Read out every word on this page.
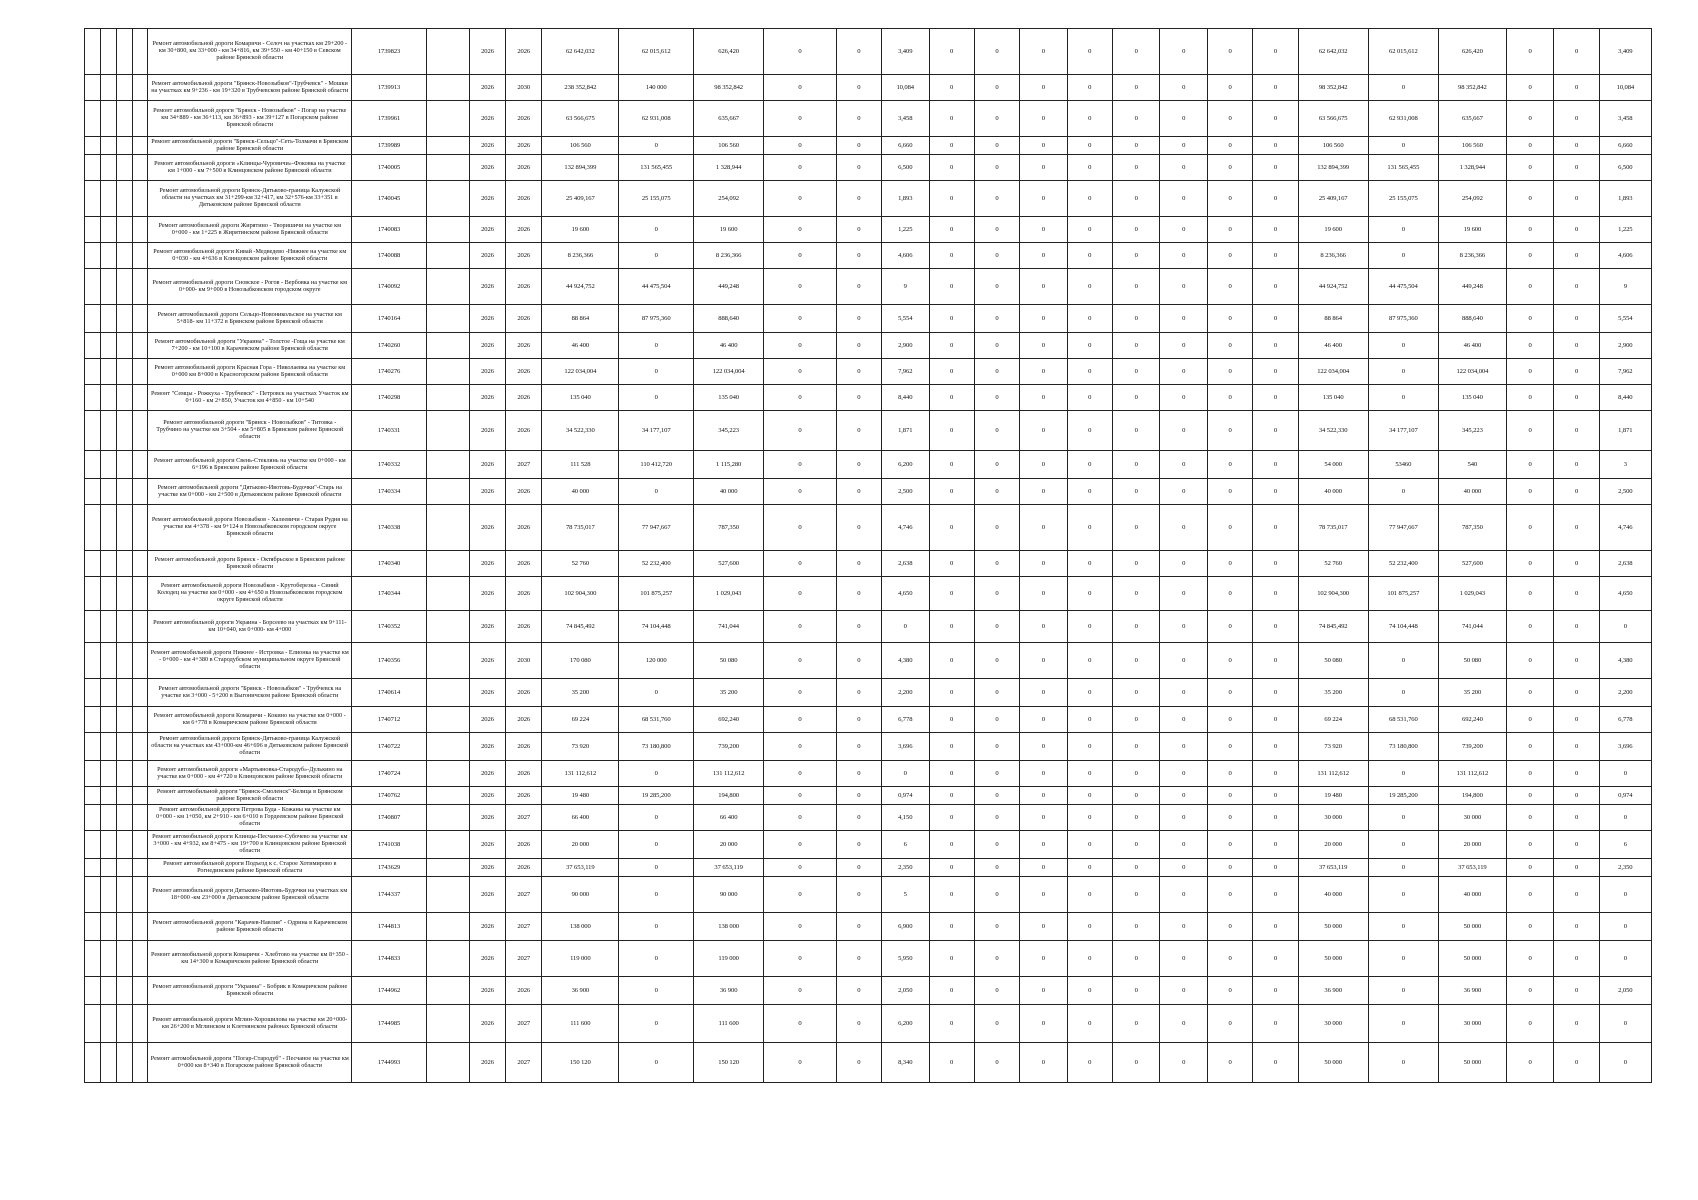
				Ремонт автомобильной дороги Комаричи - Селоч на участках км 29+200 - км 30+800, км 33+000 - км 34+816, км 39+550 - км 40+150 в Севском районе Брянской области	1739823		2026	2026	62 642,032	62 015,612	626,420	0	0	3,409	0	0	0	0	0	0	0	0	62 642,032	62 015,612	626,420	0	0	3,409
				Ремонт автомобильной дороги "Брянск-Новозыбков"-Трубчевск" - Мошки на участках км 9+236 - км 19+320 в Трубчевском районе Брянской области	1739913		2026	2030	238 352,842	140 000	98 352,842	0	0	10,084	0	0	0	0	0	0	0	0	98 352,842	0	98 352,842	0	0	10,084
				Ремонт автомобильной дороги "Брянск - Новозыбков" - Погар на участке км 34+889 - км 36+113, км 36+893 - км 39+127 в Погарском районе Брянской области	1739961		2026	2026	63 566,675	62 931,008	635,667	0	0	3,458	0	0	0	0	0	0	0	0	63 566,675	62 931,008	635,667	0	0	3,458
				Ремонт автомобильной дороги "Брянск-Сельцо"-Сеть-Толмачи в Брянском районе Брянской области	1739989		2026	2026	106 560	0	106 560	0	0	6,660	0	0	0	0	0	0	0	0	106 560	0	106 560	0	0	6,660
				Ремонт автомобильной дороги «Клинцы-Чуровичи»-Фоковка на участке км 1+000 - км 7+500 в Клинцовском районе Брянской области	1740005		2026	2026	132 894,399	131 565,455	1 328,944	0	0	6,500	0	0	0	0	0	0	0	0	132 894,399	131 565,455	1 328,944	0	0	6,500
				Ремонт автомобильной дороги Брянск-Дятьково-граница Калужской области на участках км 31+299-км 32+417, км 32+576-км 33+351 в Дятьковском районе Брянской области	1740045		2026	2026	25 409,167	25 155,075	254,092	0	0	1,893	0	0	0	0	0	0	0	0	25 409,167	25 155,075	254,092	0	0	1,893
				Ремонт автомобильной дороги Жирятино - Творишичи на участке км 0+000 - км 1+225 в Жирятинском районе Брянской области	1740083		2026	2026	19 600	0	19 600	0	0	1,225	0	0	0	0	0	0	0	0	19 600	0	19 600	0	0	1,225
				Ремонт автомобильной дороги Кивай -Медведево -Нижнее на участке км 0+030 - км 4+636 в Клинцовском районе Брянской области	1740088		2026	2026	8 236,366	0	8 236,366	0	0	4,606	0	0	0	0	0	0	0	0	8 236,366	0	8 236,366	0	0	4,606
				Ремонт автомобильной дороги Сновское - Рогов - Вербовка на участке км 0+000- км 9+000 в Новозыбковском городском округе	1740092		2026	2026	44 924,752	44 475,504	449,248	0	0	9	0	0	0	0	0	0	0	0	44 924,752	44 475,504	449,248	0	0	9
				Ремонт автомобильной дороги Сельцо-Новоникольское на участке км 5+818- км 11+372 в Брянском районе Брянской области	1740164		2026	2026	88 864	87 975,360	888,640	0	0	5,554	0	0	0	0	0	0	0	0	88 864	87 975,360	888,640	0	0	5,554
				Ремонт автомобильной дороги "Украина" - Толстое -Гоща на участке км 7+200 - км 10+100 в Карачевском районе Брянской области	1740260		2026	2026	46 400	0	46 400	0	0	2,900	0	0	0	0	0	0	0	0	46 400	0	46 400	0	0	2,900
				Ремонт автомобильной дороги Красная Гора - Николаевка на участке км 0+000 км 8+000 в Красногорском районе Брянской области	1740276		2026	2026	122 034,004	0	122 034,004	0	0	7,962	0	0	0	0	0	0	0	0	122 034,004	0	122 034,004	0	0	7,962
				Ремонт "Семцы - Рожкуха - Трубчевск" - Петровск на участках Участок км 0+160 - км 2+850, Участок км 4+850 - км 10+540	1740298		2026	2026	135 040	0	135 040	0	0	8,440	0	0	0	0	0	0	0	0	135 040	0	135 040	0	0	8,440
				Ремонт автомобильной дороги "Брянск - Новозыбков" - Титовка - Трубчино на участке км 3+504 - км 5+805 в Брянском районе Брянской области	1740331		2026	2026	34 522,330	34 177,107	345,223	0	0	1,871	0	0	0	0	0	0	0	0	34 522,330	34 177,107	345,223	0	0	1,871
				Ремонт автомобильной дороги Свень-Стеклянь на участке км 0+000 - км 6+196 в Брянском районе Брянской области	1740332		2026	2027	111 528	110 412,720	1 115,280	0	0	6,200	0	0	0	0	0	0	0	0	54 000	53460	540	0	0	3
				Ремонт автомобильной дороги "Дятьково-Ивотовь-Будочки"-Старь на участке км 0+000 - км 2+500 в Дятьковском районе Брянской области	1740334		2026	2026	40 000	0	40 000	0	0	2,500	0	0	0	0	0	0	0	0	40 000	0	40 000	0	0	2,500
				Ремонт автомобильной дороги Новозыбков - Халеевичи - Старая Рудня на участке км 4+378 - км 9+124 в Новозыбковском городском округе Брянской области	1740338		2026	2026	78 735,017	77 947,667	787,350	0	0	4,746	0	0	0	0	0	0	0	0	78 735,017	77 947,667	787,350	0	0	4,746
				Ремонт автомобильной дороги Брянск - Октябрьское в Брянском районе Брянской области	1740340		2026	2026	52 760	52 232,400	527,600	0	0	2,638	0	0	0	0	0	0	0	0	52 760	52 232,400	527,600	0	0	2,638
				Ремонт автомобильной дороги Новозыбков - Крутоберезка - Синий Колодец на участке км 0+000 - км 4+650 в Новозыбковском городском округе Брянской области	1740344		2026	2026	102 904,300	101 875,257	1 029,043	0	0	4,650	0	0	0	0	0	0	0	0	102 904,300	101 875,257	1 029,043	0	0	4,650
				Ремонт автомобильной дороги Украина - Борсеево на участках км 9+111- км 10+040, км 0+000- км 4+000	1740352		2026	2026	74 845,492	74 104,448	741,044	0	0	0	0	0	0	0	0	0	0	0	74 845,492	74 104,448	741,044	0	0	0
				Ремонт автомобильной дороги Нижнее - Истровка - Елионка на участке км - 0+000 - км 4+380 в Стародубском муниципальном округе Брянской области	1740356		2026	2030	170 080	120 000	50 080	0	0	4,380	0	0	0	0	0	0	0	0	50 080	0	50 080	0	0	4,380
				Ремонт автомобильной дороги "Брянск - Новозыбков" - Трубчевск на участке км 3+000 - 5+200 в Выгоничском районе Брянской области	1740614		2026	2026	35 200	0	35 200	0	0	2,200	0	0	0	0	0	0	0	0	35 200	0	35 200	0	0	2,200
				Ремонт автомобильной дороги Комаричи - Кокино на участке км 0+000 - км 6+778 в Комаричском районе Брянской области	1740712		2026	2026	69 224	68 531,760	692,240	0	0	6,778	0	0	0	0	0	0	0	0	69 224	68 531,760	692,240	0	0	6,778
				Ремонт автомобильной дороги Брянск-Дятьково-граница Калужской области на участках км 43+000-км 46+696 в Дятьковском районе Брянской области	1740722		2026	2026	73 920	73 180,800	739,200	0	0	3,696	0	0	0	0	0	0	0	0	73 920	73 180,800	739,200	0	0	3,696
				Ремонт автомобильной дороги «Мартьяновка-Стародуб»-Дулькино на участке км 0+000 - км 4+720 в Клинцовском районе Брянской области	1740724		2026	2026	131 112,612	0	131 112,612	0	0	0	0	0	0	0	0	0	0	0	131 112,612	0	131 112,612	0	0	0
				Ремонт автомобильной дороги "Брянск-Смоленск"-Белица в Брянском районе Брянской области	1740762		2026	2026	19 480	19 285,200	194,800	0	0	0,974	0	0	0	0	0	0	0	0	19 480	19 285,200	194,800	0	0	0,974
				Ремонт автомобильной дороги Петрова Буда - Кожаны на участке км 0+000 - км 1+050, км 2+910 - км 6+010 в Гордеевском районе Брянской области	1740807		2026	2027	66 400	0	66 400	0	0	4,150	0	0	0	0	0	0	0	0	30 000	0	30 000	0	0	0
				Ремонт автомобильной дороги Клинцы-Песчаное-Субочево на участке км 3+000 - км 4+932, км 8+475 - км 19+700 в Клинцовском районе Брянской области	1741038		2026	2026	20 000	0	20 000	0	0	6	0	0	0	0	0	0	0	0	20 000	0	20 000	0	0	6
				Ремонт автомобильной дороги Подъезд к с. Старое Хотимирово в Рогнединском районе Брянской области	1743629		2026	2026	37 653,119	0	37 653,119	0	0	2,350	0	0	0	0	0	0	0	0	37 653,119	0	37 653,119	0	0	2,350
				Ремонт автомобильной дороги Дятьково-Ивотовь-Будочки на участках км 18+000 -км 23+000 в Дятьковском районе Брянской области	1744337		2026	2027	90 000	0	90 000	0	0	5	0	0	0	0	0	0	0	0	40 000	0	40 000	0	0	0
				Ремонт автомобильной дороги "Карачев-Навлия" - Одрина в Карачевском районе Брянской области	1744813		2026	2027	138 000	0	138 000	0	0	6,900	0	0	0	0	0	0	0	0	50 000	0	50 000	0	0	0
				Ремонт автомобильной дороги Комаричи - Хлебтово на участке км 8+350 - км 14+300 в Комаричском районе Брянской области	1744833		2026	2027	119 000	0	119 000	0	0	5,950	0	0	0	0	0	0	0	0	50 000	0	50 000	0	0	0
				Ремонт автомобильной дороги "Украина" - Бобрик в Комаричском районе Брянской области	1744962		2026	2026	36 900	0	36 900	0	0	2,050	0	0	0	0	0	0	0	0	36 900	0	36 900	0	0	2,050
				Ремонт автомобильной дороги Мглин-Хорошилова на участке км 20+000- км 26+200 в Мглинском и Клетнянском районах Брянской области	1744985		2026	2027	111 600	0	111 600	0	0	6,200	0	0	0	0	0	0	0	0	30 000	0	30 000	0	0	0
				Ремонт автомобильной дороги "Погар-Стародуб" - Песчаное на участке км 0+000 км 8+340 в Погарском районе Брянской области	1744993		2026	2027	150 120	0	150 120	0	0	8,340	0	0	0	0	0	0	0	0	50 000	0	50 000	0	0	0
